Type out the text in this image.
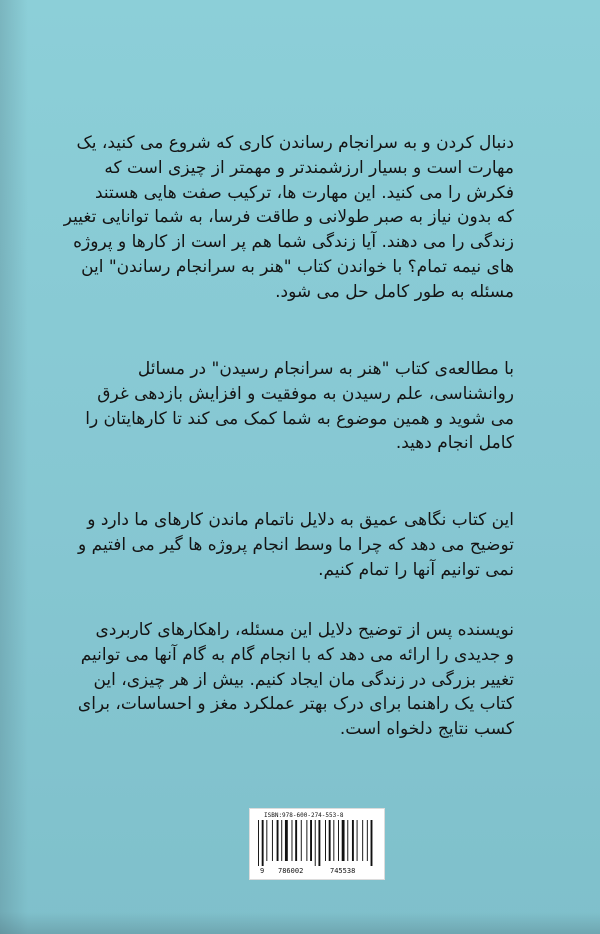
دنبال کردن و به سرانجام رساندن کاری که شروع می کنید، یک
مهارت است و بسیار ارزشمندتر و مهمتر از چیزی است که
فکرش را می کنید. این مهارت ها، ترکیب صفت هایی هستند
که بدون نیاز به صبر طولانی و طاقت فرسا، به شما توانایی تغییر
زندگی را می دهند. آیا زندگی شما هم پر است از کارها و پروژه
های نیمه تمام؟ با خواندن کتاب "هنر به سرانجام رساندن" این
مسئله به طور کامل حل می شود.
با مطالعه‌ی کتاب "هنر به سرانجام رسیدن" در مسائل
روانشناسی، علم رسیدن به موفقیت و افزایش بازدهی غرق
می شوید و همین موضوع به شما کمک می کند تا کارهایتان را
کامل انجام دهید.
این کتاب نگاهی عمیق به دلایل ناتمام ماندن کارهای ما دارد و
توضیح می دهد که چرا ما وسط انجام پروژه ها گیر می افتیم و
نمی توانیم آنها را تمام کنیم.
نویسنده پس از توضیح دلایل این مسئله، راهکارهای کاربردی
و جدیدی را ارائه می دهد که با انجام گام به گام آنها می توانیم
تغییر بزرگی در زندگی مان ایجاد کنیم. بیش از هر چیزی، این
کتاب یک راهنما برای درک بهتر عملکرد مغز و احساسات، برای
کسب نتایج دلخواه است.
ISBN:978-600-274-553-8
9 786002	745538
